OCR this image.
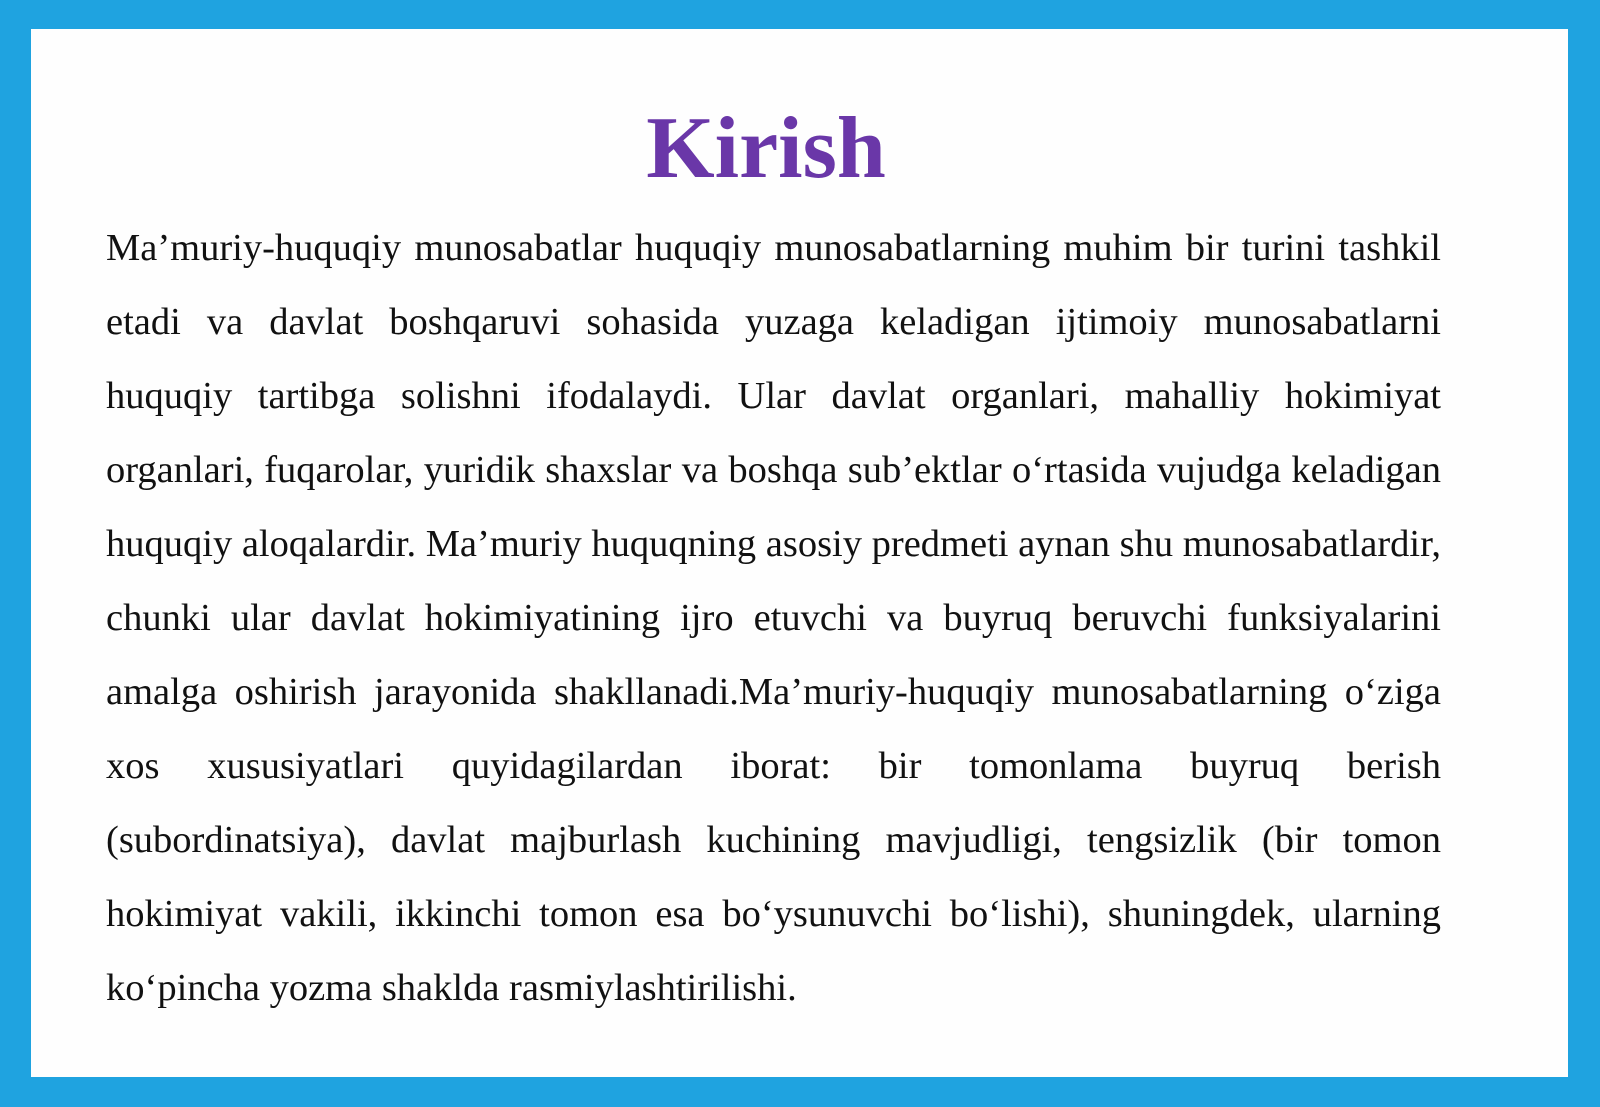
Kirish

Ma’muriy-huquqiy munosabatlar huquqiy munosabatlarning muhim bir turini tashkil etadi va davlat boshqaruvi sohasida yuzaga keladigan ijtimoiy munosabatlarni huquqiy tartibga solishni ifodalaydi. Ular davlat organlari, mahalliy hokimiyat organlari, fuqarolar, yuridik shaxslar va boshqa sub’ektlar o‘rtasida vujudga keladigan huquqiy aloqalardir. Ma’muriy huquqning asosiy predmeti aynan shu munosabatlardir, chunki ular davlat hokimiyatining ijro etuvchi va buyruq beruvchi funksiyalarini amalga oshirish jarayonida shakllanadi.Ma’muriy-huquqiy munosabatlarning o‘ziga xos xususiyatlari quyidagilardan iborat: bir tomonlama buyruq berish (subordinatsiya), davlat majburlash kuchining mavjudligi, tengsizlik (bir tomon hokimiyat vakili, ikkinchi tomon esa bo‘ysunuvchi bo‘lishi), shuningdek, ularning ko‘pincha yozma shaklda rasmiylashtirilishi.
